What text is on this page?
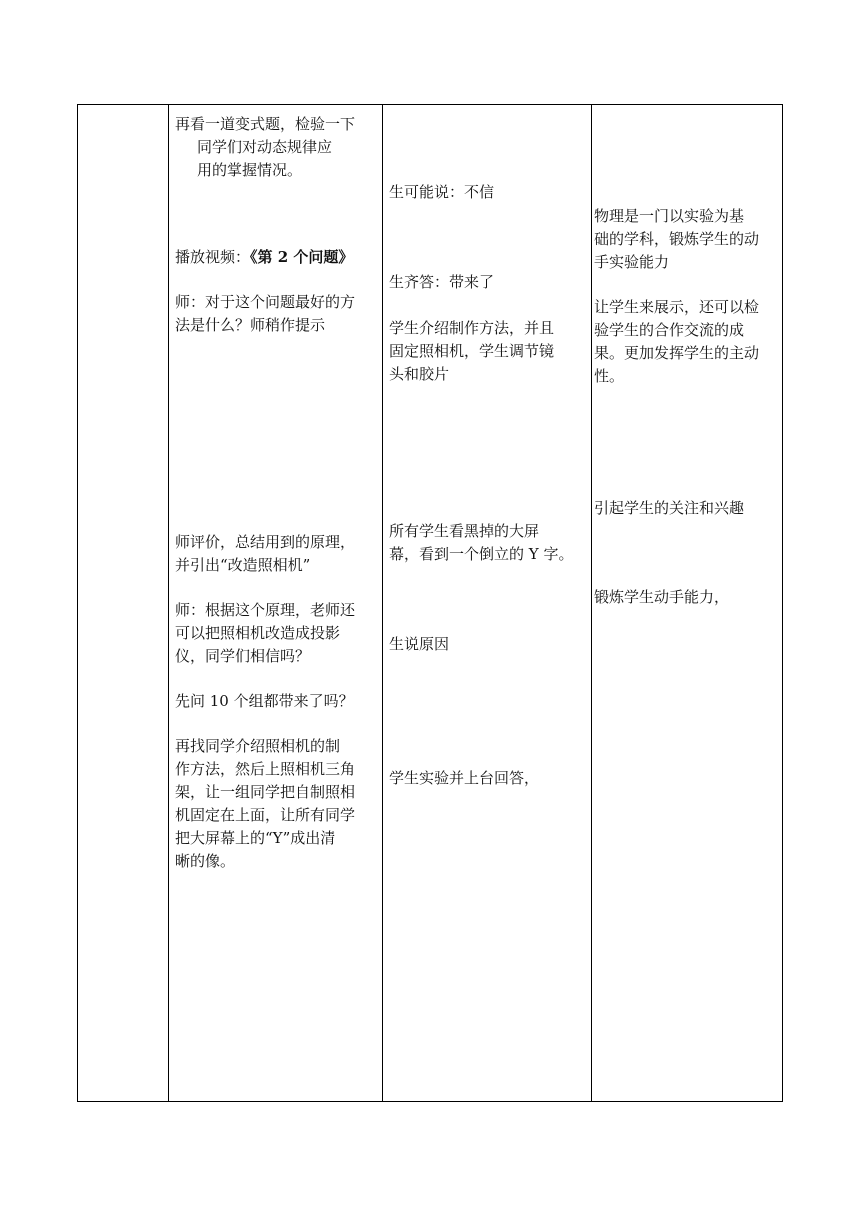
再看一道变式题，检验一下

同学们对动态规律应

用的掌握情况。

播放视频：《第 2 个问题》

师：对于这个问题最好的方

法是什么？师稍作提示

师评价，总结用到的原理，

并引出“改造照相机”

师：根据这个原理，老师还

可以把照相机改造成投影

仪，同学们相信吗？

先问 10 个组都带来了吗？

再找同学介绍照相机的制

作方法，然后上照相机三角

架，让一组同学把自制照相

机固定在上面，让所有同学

把大屏幕上的“Y”成出清

晰的像。

生可能说：不信

生齐答：带来了

学生介绍制作方法，并且

固定照相机，学生调节镜

头和胶片

所有学生看黑掉的大屏

幕，看到一个倒立的 Y 字。

生说原因

学生实验并上台回答，

物理是一门以实验为基

础的学科，锻炼学生的动

手实验能力

让学生来展示，还可以检

验学生的合作交流的成

果。更加发挥学生的主动

性。

引起学生的关注和兴趣

锻炼学生动手能力，
